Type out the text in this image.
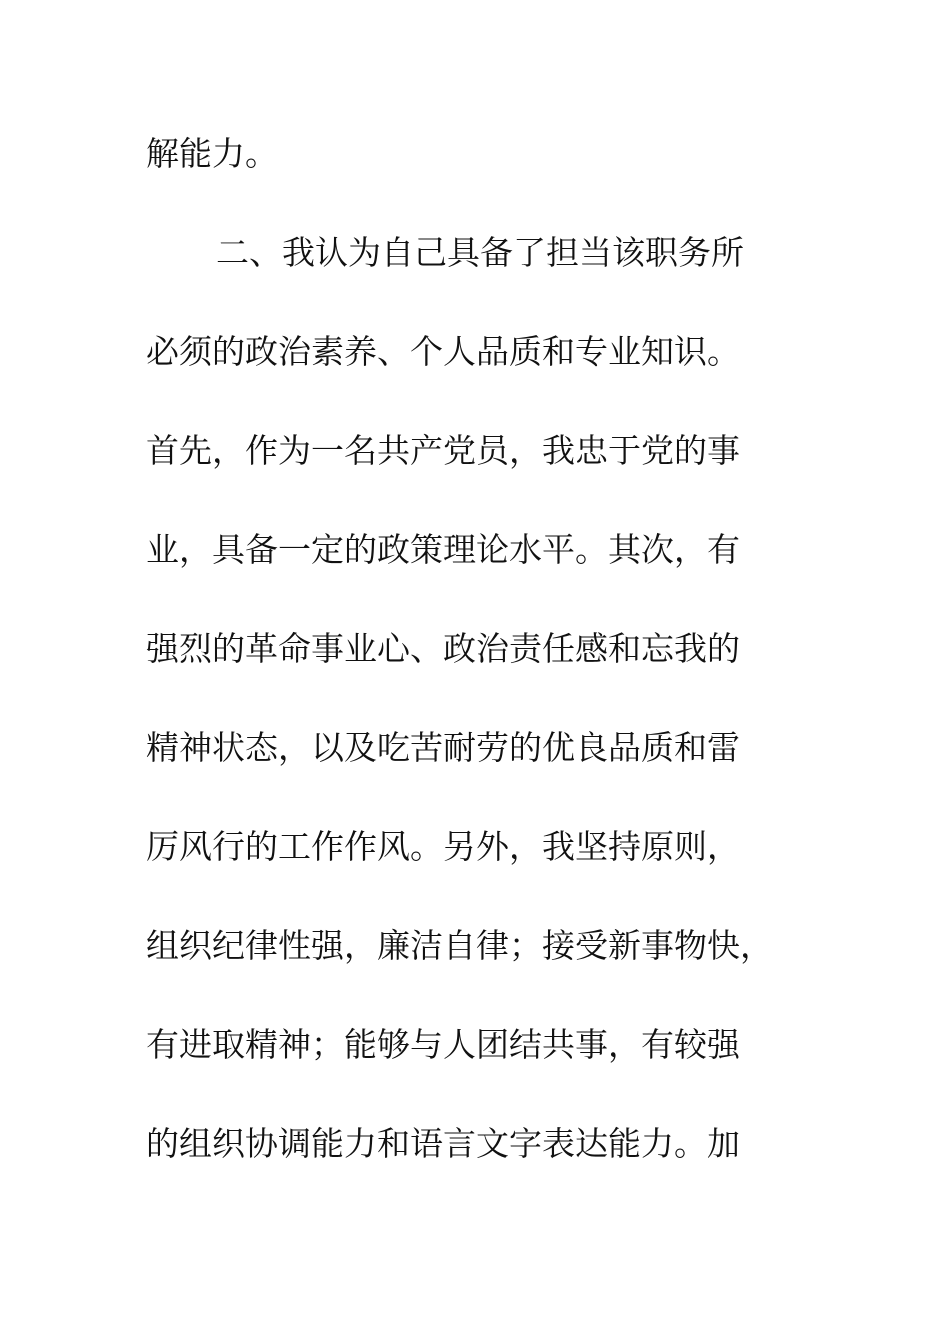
解能力。
二、我认为自己具备了担当该职务所
必须的政治素养、个人品质和专业知识。
首先，作为一名共产党员，我忠于党的事
业，具备一定的政策理论水平。其次，有
强烈的革命事业心、政治责任感和忘我的
精神状态，以及吃苦耐劳的优良品质和雷
厉风行的工作作风。另外，我坚持原则，
组织纪律性强，廉洁自律；接受新事物快，
有进取精神；能够与人团结共事，有较强
的组织协调能力和语言文字表达能力。加
